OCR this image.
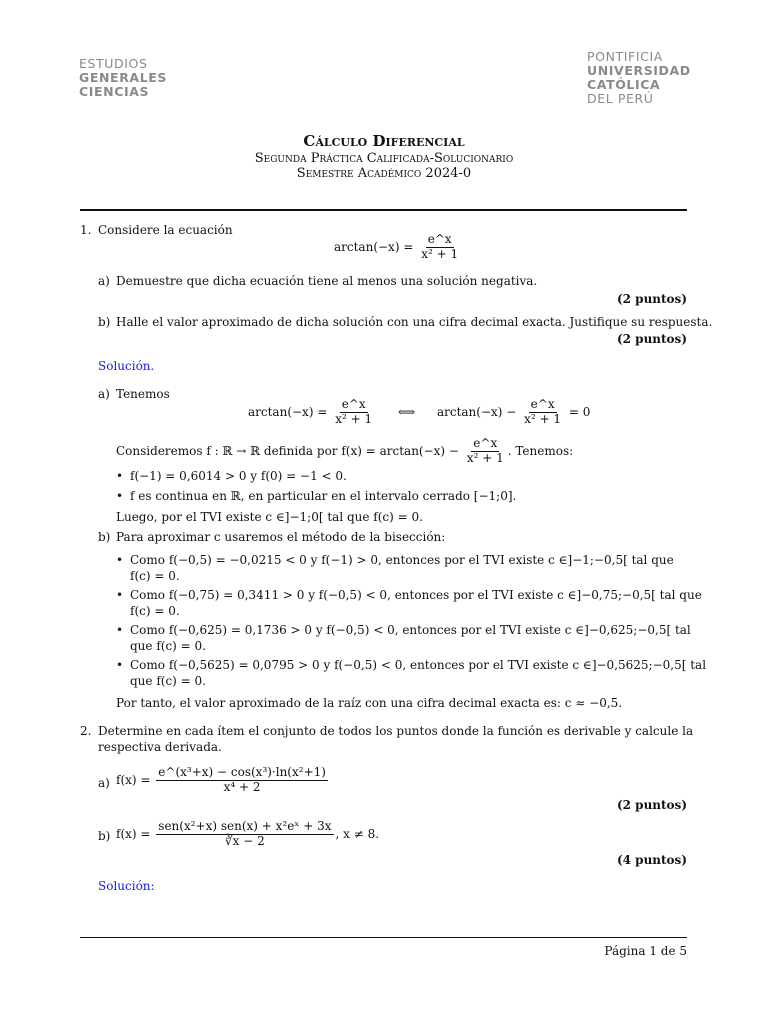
ESTUDIOS
GENERALES
CIENCIAS
PONTIFICIA
UNIVERSIDAD
CATÓLICA
DEL PERÚ
Cálculo Diferencial
Segunda Práctica Calificada-Solucionario
Semestre Académico 2024-0
1. Considere la ecuación
$\arctan(-x) = \frac{e\^{}x}{\text{x² + 1}}$
a) Demuestre que dicha ecuación tiene al menos una solución negativa.
(2 puntos)
b) Halle el valor aproximado de dicha solución con una cifra decimal exacta. Justifique su respuesta.
(2 puntos)
Solución.
a) Tenemos
$\arctan(-x) = \frac{e\^{}x}{\text{x² + 1}}$ ⟺ $\arctan(-x) - \frac{e\^{}x}{\text{x² + 1}} = 0$
Consideremos f : ℝ → ℝ definida por $f(x) = \arctan(-x) - \frac{e\^{}x}{\text{x² + 1}}$ . Tenemos:
• f(−1) = 0,6014 > 0 y f(0) = −1 < 0.
• f es continua en ℝ, en particular en el intervalo cerrado [−1;0].
Luego, por el TVI existe c ∈]−1;0[ tal que f(c) = 0.
b) Para aproximar c usaremos el método de la bisección:
• Como f(−0,5) = −0,0215 < 0 y f(−1) > 0, entonces por el TVI existe c ∈]−1;−0,5[ tal que
f(c) = 0.
• Como f(−0,75) = 0,3411 > 0 y f(−0,5) < 0, entonces por el TVI existe c ∈]−0,75;−0,5[ tal que
f(c) = 0.
• Como f(−0,625) = 0,1736 > 0 y f(−0,5) < 0, entonces por el TVI existe c ∈]−0,625;−0,5[ tal
que f(c) = 0.
• Como f(−0,5625) = 0,0795 > 0 y f(−0,5) < 0, entonces por el TVI existe c ∈]−0,5625;−0,5[ tal
que f(c) = 0.
Por tanto, el valor aproximado de la raíz con una cifra decimal exacta es: c ≈ −0,5.
2. Determine en cada ítem el conjunto de todos los puntos donde la función es derivable y calcule la
respectiva derivada.
a) $f(x) = \frac{\text{e\textasciicircum{}(x³+x) − cos(x³)·ln(x²+1)}}{\text{x⁴ + 2}}$
(2 puntos)
b) $f(x) = \frac{\text{sen(x²+x) sen(x) + x²eˣ + 3x}}{∛x - 2}$ , x ≠ 8.
(4 puntos)
Solución:
Página 1 de 5
